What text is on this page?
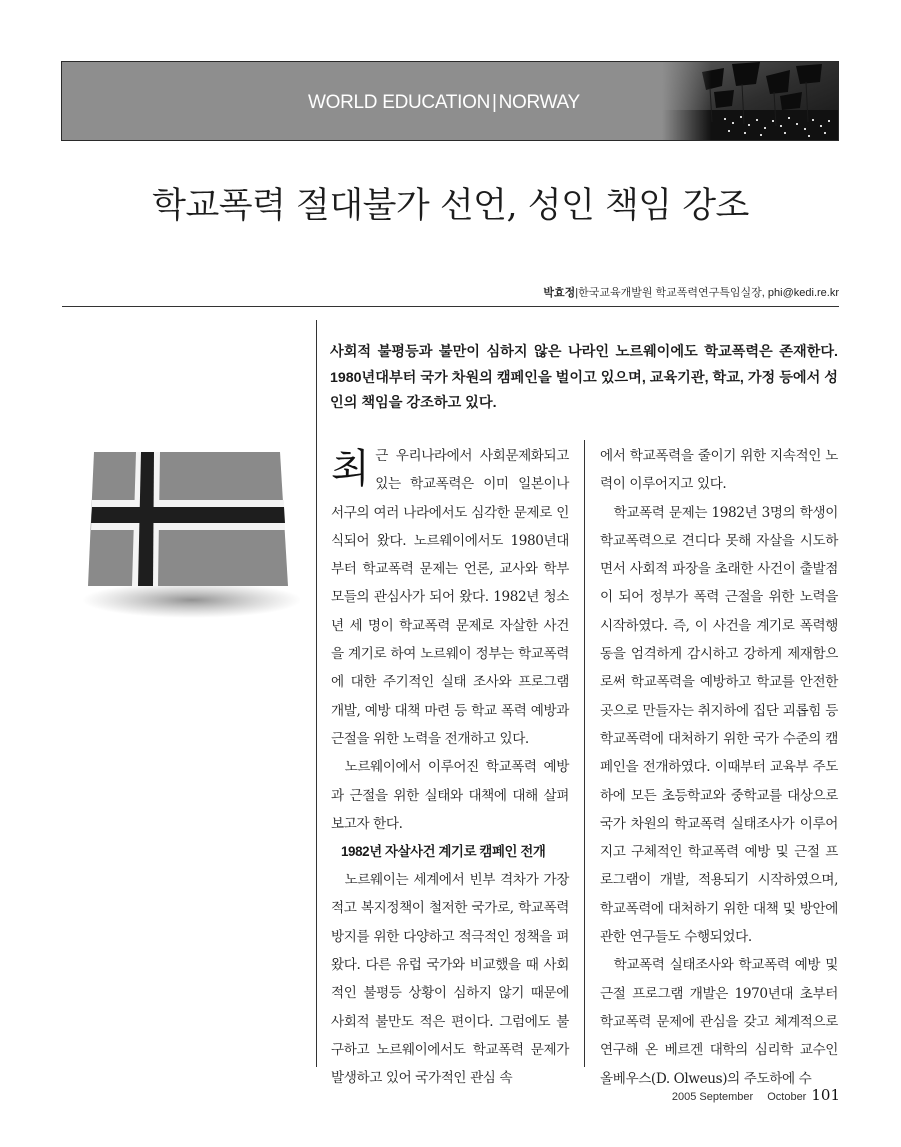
WORLD EDUCATION | NORWAY
학교폭력 절대불가 선언, 성인 책임 강조
박효정|한국교육개발원 학교폭력연구특임실장, phi@kedi.re.kr
사회적 불평등과 불만이 심하지 않은 나라인 노르웨이에도 학교폭력은 존재한다. 1980년대부터 국가 차원의 캠페인을 벌이고 있으며, 교육기관, 학교, 가정 등에서 성인의 책임을 강조하고 있다.

최근 우리나라에서 사회문제화되고 있는 학교폭력은 이미 일본이나 서구의 여러 나라에서도 심각한 문제로 인식되어 왔다. 노르웨이에서도 1980년대부터 학교폭력 문제는 언론, 교사와 학부모들의 관심사가 되어 왔다. 1982년 청소년 세 명이 학교폭력 문제로 자살한 사건을 계기로 하여 노르웨이 정부는 학교폭력에 대한 주기적인 실태 조사와 프로그램 개발, 예방 대책 마련 등 학교 폭력 예방과 근절을 위한 노력을 전개하고 있다.

노르웨이에서 이루어진 학교폭력 예방과 근절을 위한 실태와 대책에 대해 살펴보고자 한다.

1982년 자살사건 계기로 캠페인 전개

노르웨이는 세계에서 빈부 격차가 가장 적고 복지정책이 철저한 국가로, 학교폭력 방지를 위한 다양하고 적극적인 정책을 펴왔다. 다른 유럽 국가와 비교했을 때 사회적인 불평등 상황이 심하지 않기 때문에 사회적 불만도 적은 편이다. 그럼에도 불구하고 노르웨이에서도 학교폭력 문제가 발생하고 있어 국가적인 관심 속

에서 학교폭력을 줄이기 위한 지속적인 노력이 이루어지고 있다.

학교폭력 문제는 1982년 3명의 학생이 학교폭력으로 견디다 못해 자살을 시도하면서 사회적 파장을 초래한 사건이 출발점이 되어 정부가 폭력 근절을 위한 노력을 시작하였다. 즉, 이 사건을 계기로 폭력행동을 엄격하게 감시하고 강하게 제재함으로써 학교폭력을 예방하고 학교를 안전한 곳으로 만들자는 취지하에 집단 괴롭힘 등 학교폭력에 대처하기 위한 국가 수준의 캠페인을 전개하였다. 이때부터 교육부 주도하에 모든 초등학교와 중학교를 대상으로 국가 차원의 학교폭력 실태조사가 이루어지고 구체적인 학교폭력 예방 및 근절 프로그램이 개발, 적용되기 시작하였으며, 학교폭력에 대처하기 위한 대책 및 방안에 관한 연구들도 수행되었다.

학교폭력 실태조사와 학교폭력 예방 및 근절 프로그램 개발은 1970년대 초부터 학교폭력 문제에 관심을 갖고 체계적으로 연구해 온 베르겐 대학의 심리학 교수인 올베우스(D. Olweus)의 주도하에 수

2005 September October 101
